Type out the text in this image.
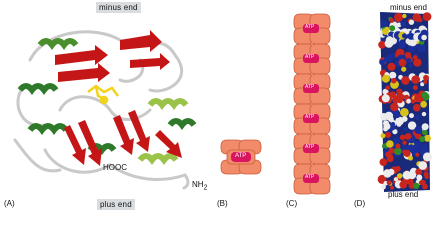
minus end
HOOC
$NH_2$
plus end
(A)
ATP
(B)
ATP
ATP
ATP
ATP
ATP
ATP
(C)
minus end
plus end
(D)
